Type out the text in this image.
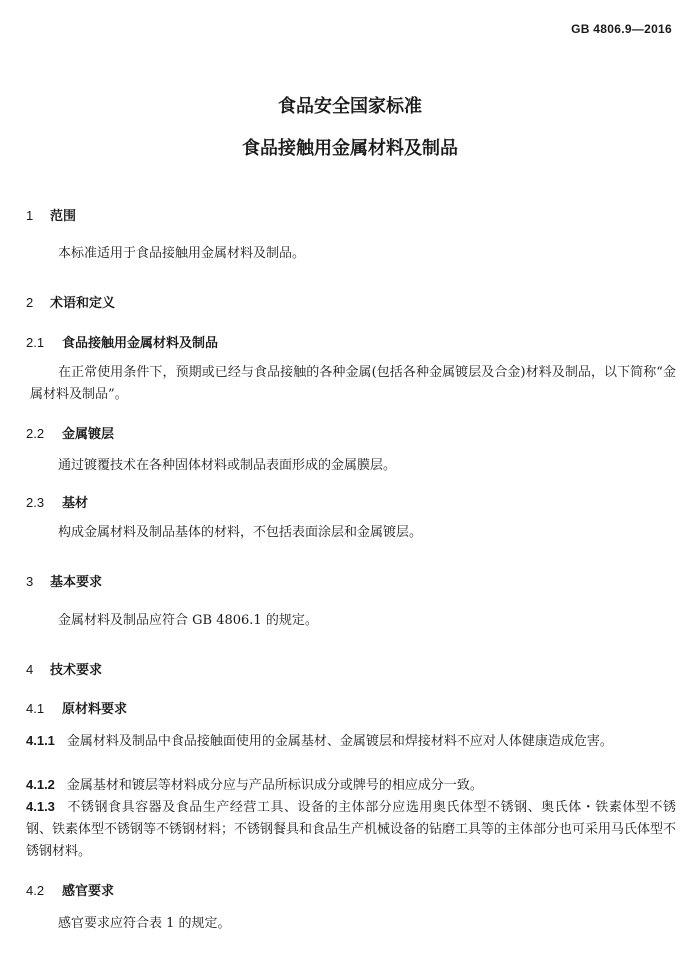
GB 4806.9—2016
食品安全国家标准
食品接触用金属材料及制品
1 范围
本标准适用于食品接触用金属材料及制品。
2 术语和定义
2.1 食品接触用金属材料及制品
在正常使用条件下，预期或已经与食品接触的各种金属(包括各种金属镀层及合金)材料及制品，以下简称“金属材料及制品”。
2.2 金属镀层
通过镀覆技术在各种固体材料或制品表面形成的金属膜层。
2.3 基材
构成金属材料及制品基体的材料，不包括表面涂层和金属镀层。
3 基本要求
金属材料及制品应符合 GB 4806.1 的规定。
4 技术要求
4.1 原材料要求
4.1.1 金属材料及制品中食品接触面使用的金属基材、金属镀层和焊接材料不应对人体健康造成危害。
4.1.2 金属基材和镀层等材料成分应与产品所标识成分或牌号的相应成分一致。
4.1.3 不锈钢食具容器及食品生产经营工具、设备的主体部分应选用奥氏体型不锈钢、奥氏体・铁素体型不锈钢、铁素体型不锈钢等不锈钢材料；不锈钢餐具和食品生产机械设备的钻磨工具等的主体部分也可采用马氏体型不锈钢材料。
4.2 感官要求
感官要求应符合表 1 的规定。
